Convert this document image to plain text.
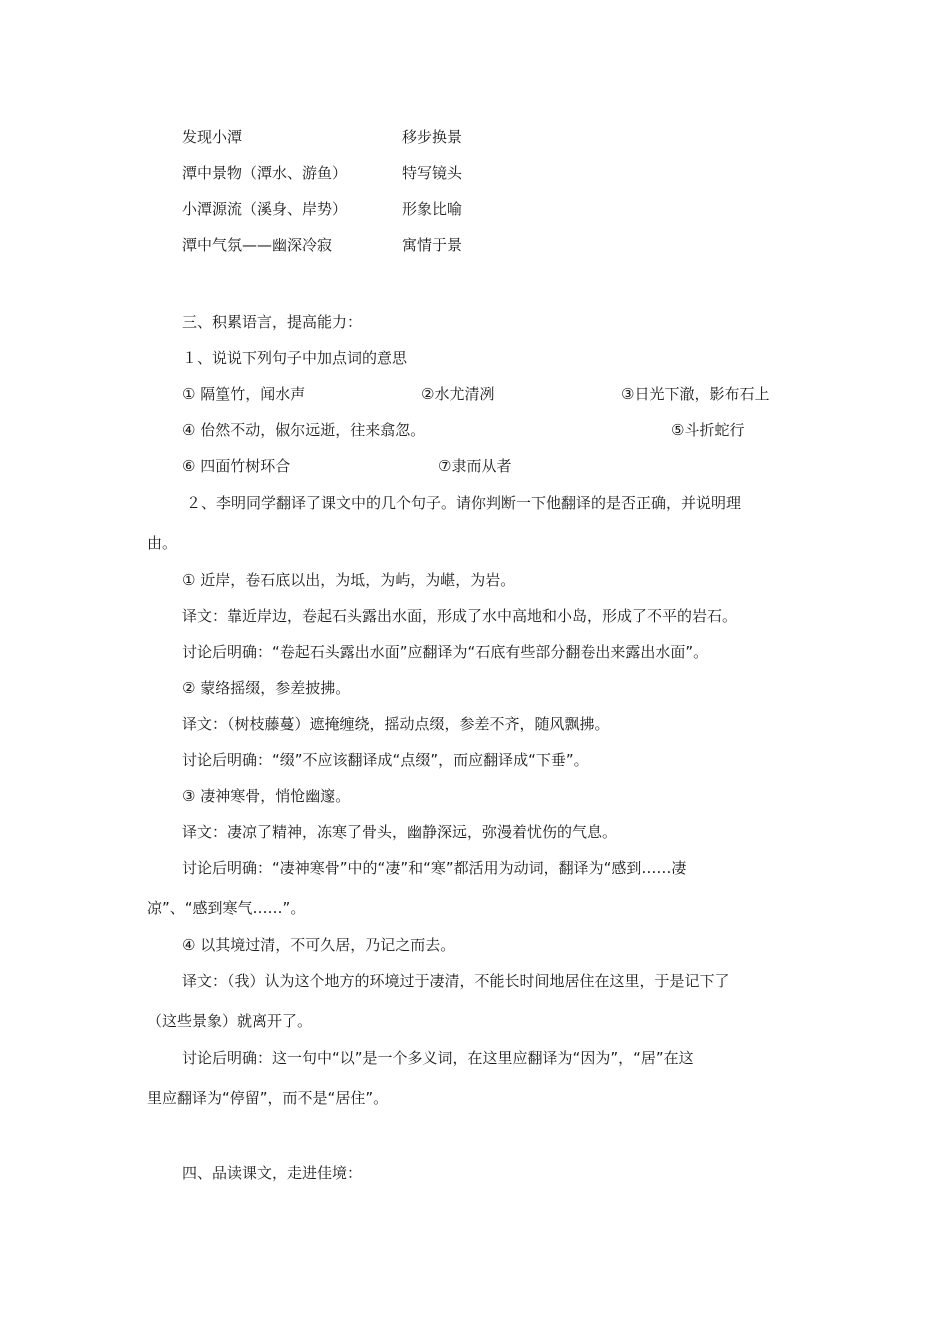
发现小潭	移步换景
潭中景物（潭水、游鱼）	特写镜头
小潭源流（溪身、岸势）	形象比喻
潭中气氛——幽深冷寂	寓情于景
三、积累语言，提高能力：
１、说说下列句子中加点词的意思
① 隔篁竹，闻水声	②水尤清冽	③日光下澈，影布石上
④ 佁然不动，俶尔远逝，往来翕忽。	⑤斗折蛇行
⑥ 四面竹树环合	⑦隶而从者
２、李明同学翻译了课文中的几个句子。请你判断一下他翻译的是否正确，并说明理
由。
① 近岸，卷石底以出，为坻，为屿，为嵁，为岩。
译文：靠近岸边，卷起石头露出水面，形成了水中高地和小岛，形成了不平的岩石。
讨论后明确：“卷起石头露出水面”应翻译为“石底有些部分翻卷出来露出水面”。
② 蒙络摇缀，参差披拂。
译文：（树枝藤蔓）遮掩缠绕，摇动点缀，参差不齐，随风飘拂。
讨论后明确：“缀”不应该翻译成“点缀”，而应翻译成“下垂”。
③ 凄神寒骨，悄怆幽邃。
译文：凄凉了精神，冻寒了骨头，幽静深远，弥漫着忧伤的气息。
讨论后明确：“凄神寒骨”中的“凄”和“寒”都活用为动词，翻译为“感到……凄
凉”、“感到寒气……”。
④ 以其境过清，不可久居，乃记之而去。
译文：（我）认为这个地方的环境过于凄清，不能长时间地居住在这里，于是记下了
（这些景象）就离开了。
讨论后明确：这一句中“以”是一个多义词，在这里应翻译为“因为”，“居”在这
里应翻译为“停留”，而不是“居住”。
四、品读课文，走进佳境：
